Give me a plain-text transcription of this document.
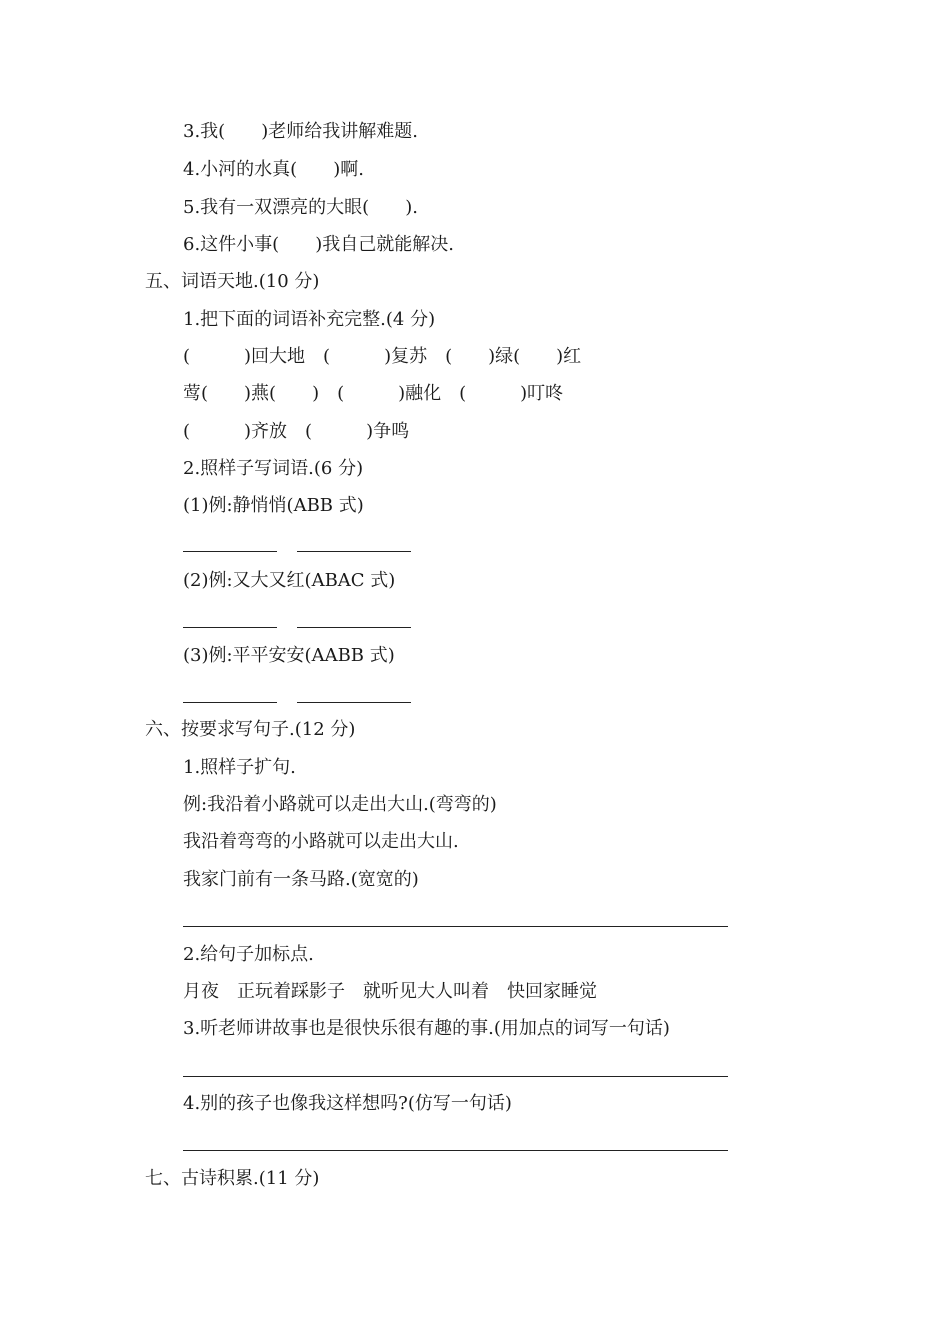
3.我(　　)老师给我讲解难题.
4.小河的水真(　　)啊.
5.我有一双漂亮的大眼(　　).
6.这件小事(　　)我自己就能解决.
五、词语天地.(10 分)
1.把下面的词语补充完整.(4 分)
(　　　)回大地　(　　　)复苏　(　　)绿(　　)红
莺(　　)燕(　　)　(　　　)融化　(　　　)叮咚
(　　　)齐放　(　　　)争鸣
2.照样子写词语.(6 分)
(1)例:静悄悄(ABB 式)
(2)例:又大又红(ABAC 式)
(3)例:平平安安(AABB 式)
六、按要求写句子.(12 分)
1.照样子扩句.
例:我沿着小路就可以走出大山.(弯弯的)
我沿着弯弯的小路就可以走出大山.
我家门前有一条马路.(宽宽的)
2.给句子加标点.
月夜　正玩着踩影子　就听见大人叫着　快回家睡觉
3.听老师讲故事也是很快乐很有趣的事.(用加点的词写一句话)
4.别的孩子也像我这样想吗?(仿写一句话)
七、古诗积累.(11 分)
